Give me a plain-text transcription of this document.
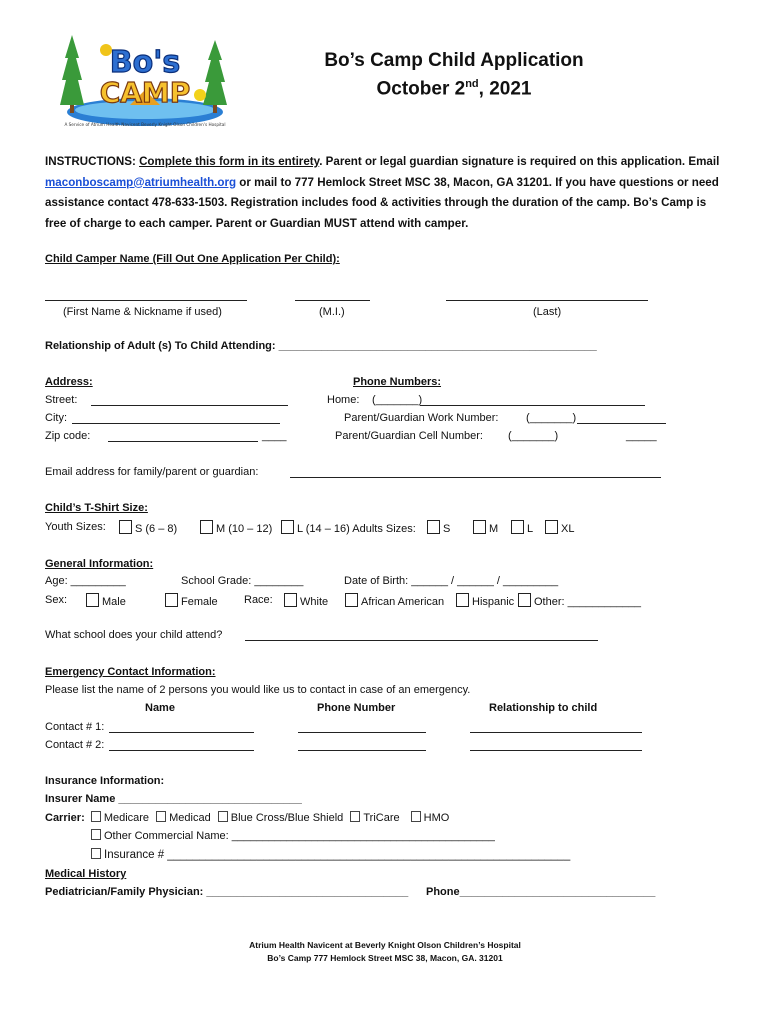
Bo's
CAMP
A Service of Atrium Health Navicent Beverly Knight Olson Children's Hospital
Bo’s Camp Child Application
October 2nd, 2021
INSTRUCTIONS: Complete this form in its entirety. Parent or legal guardian signature is required on this application. Email maconboscamp@atriumhealth.org or mail to 777 Hemlock Street MSC 38, Macon, GA 31201. If you have questions or need assistance contact 478-633-1503. Registration includes food & activities through the duration of the camp. Bo’s Camp is free of charge to each camper. Parent or Guardian MUST attend with camper.
Child Camper Name (Fill Out One Application Per Child):
(First Name & Nickname if used)	(M.I.)	(Last)
Relationship of Adult (s) To Child Attending: ____________________________________________________
Address:
Street:
City:
Zip code:	____
Phone Numbers:
Home: (_______)
Parent/Guardian Work Number:	(_______)
Parent/Guardian Cell Number: (_______)	_____
Email address for family/parent or guardian:
Child’s T-Shirt Size:
Youth Sizes:	S (6 – 8)	M (10 – 12)	L (14 – 16) Adults Sizes:	S	M	L	XL
General Information:
Age: _________	School Grade: ________	Date of Birth: ______ / ______ / _________
Sex:	Male	Female Race:	White	African American	Hispanic	Other: ____________
What school does your child attend?
Emergency Contact Information:
Please list the name of 2 persons you would like us to contact in case of an emergency.
Name	Phone Number	Relationship to child
Contact # 1:
Contact # 2:
Insurance Information:
Insurer Name ______________________________
Carrier: Medicare Medicad Blue Cross/Blue Shield TriCare HMO
Other Commercial Name: ___________________________________________
Insurance # _______________________________________________________________
Medical History
Pediatrician/Family Physician: _________________________________ Phone________________________________
Atrium Health Navicent at Beverly Knight Olson Children’s Hospital
Bo’s Camp 777 Hemlock Street MSC 38, Macon, GA. 31201
